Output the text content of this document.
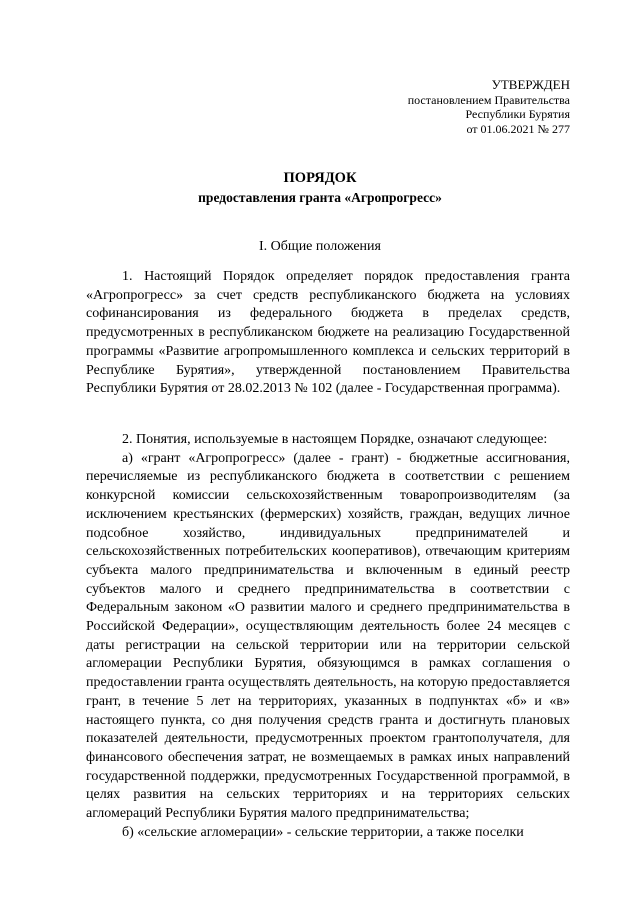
УТВЕРЖДЕН
постановлением Правительства
Республики Бурятия
от 01.06.2021 № 277
ПОРЯДОК
предоставления гранта «Агропрогресс»
I. Общие положения

1. Настоящий Порядок определяет порядок предоставления гранта «Агропрогресс» за счет средств республиканского бюджета на условиях софинансирования из федерального бюджета в пределах средств, предусмотренных в республиканском бюджете на реализацию Государственной программы «Развитие агропромышленного комплекса и сельских территорий в Республике Бурятия», утвержденной постановлением Правительства Республики Бурятия от 28.02.2013 № 102 (далее - Государственная программа).

2. Понятия, используемые в настоящем Порядке, означают следующее:

а) «грант «Агропрогресс» (далее - грант) - бюджетные ассигнования, перечисляемые из республиканского бюджета в соответствии с решением конкурсной комиссии сельскохозяйственным товаропроизводителям (за исключением крестьянских (фермерских) хозяйств, граждан, ведущих личное подсобное хозяйство, индивидуальных предпринимателей и сельскохозяйственных потребительских кооперативов), отвечающим критериям субъекта малого предпринимательства и включенным в единый реестр субъектов малого и среднего предпринимательства в соответствии с Федеральным законом «О развитии малого и среднего предпринимательства в Российской Федерации», осуществляющим деятельность более 24 месяцев с даты регистрации на сельской территории или на территории сельской агломерации Республики Бурятия, обязующимся в рамках соглашения о предоставлении гранта осуществлять деятельность, на которую предоставляется грант, в течение 5 лет на территориях, указанных в подпунктах «б» и «в» настоящего пункта, со дня получения средств гранта и достигнуть плановых показателей деятельности, предусмотренных проектом грантополучателя, для финансового обеспечения затрат, не возмещаемых в рамках иных направлений государственной поддержки, предусмотренных Государственной программой, в целях развития на сельских территориях и на территориях сельских агломераций Республики Бурятия малого предпринимательства;

б) «сельские агломерации» - сельские территории, а также поселки
